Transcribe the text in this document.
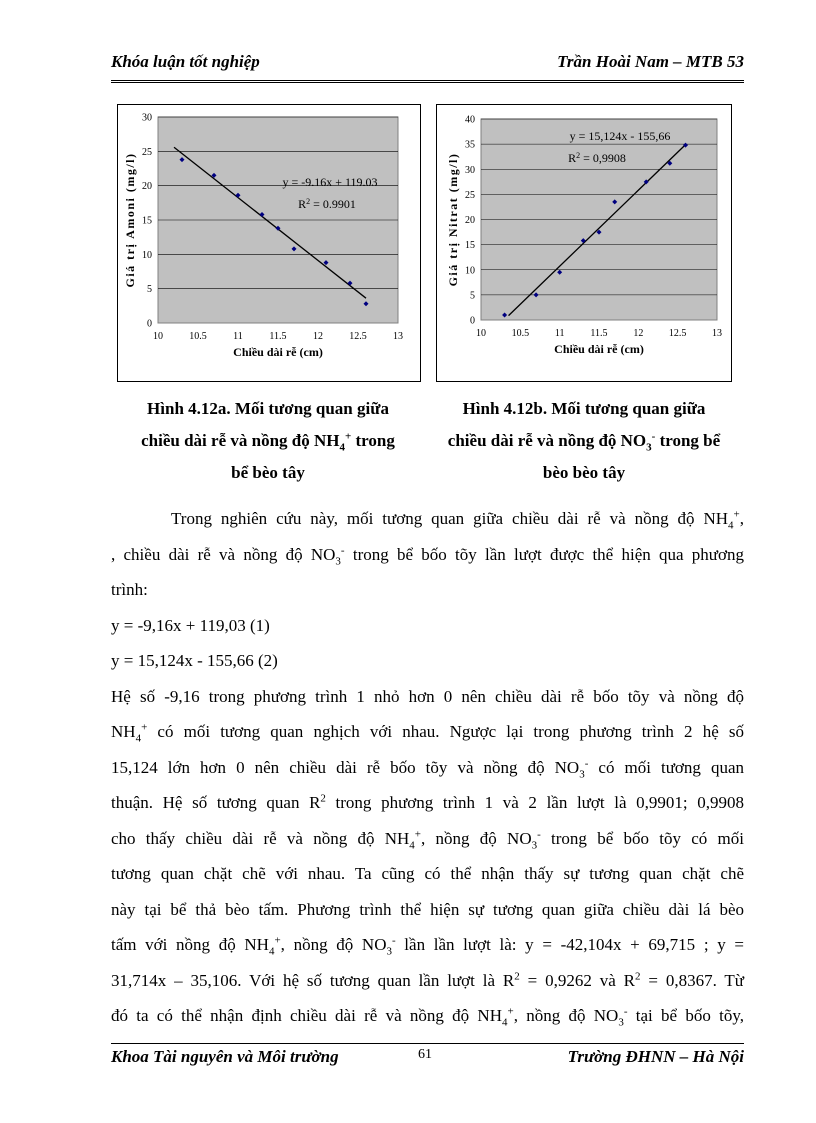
Khóa luận tốt nghiệp	Trần Hoài Nam – MTB 53
0
5
10
15
20
25
30
10	10.5	11	11.5	12	12.5	13
y = -9.16x + 119.03
$R^2 = 0.9901$
Chiều dài rễ (cm)
Giá trị Amoni (mg/l)
0
5
10
15
20
25
30
35
40
10	10.5	11	11.5	12	12.5	13
y = 15,124x - 155,66
$R^2 = 0,9908$
Chiều dài rễ (cm)
Giá trị Nitrat (mg/l)
Hình 4.12a. Mối tương quan giữa
chiều dài rễ và nồng độ $NH_4^+$ trong
bể bèo tây
Hình 4.12b. Mối tương quan giữa
chiều dài rễ và nồng độ $NO_3^-$ trong bể
bèo bèo tây
Trong nghiên cứu này, mối tương quan giữa chiều dài rễ và nồng độ $NH_4^+$,
, chiều dài rễ và nồng độ $NO_3^-$ trong bể bốo tõy lần lượt được thể hiện qua phương
trình:
y = -9,16x + 119,03 (1)
y = 15,124x - 155,66 (2)
Hệ số -9,16 trong phương trình 1 nhỏ hơn 0 nên chiều dài rễ bốo tõy và nồng độ
$NH_4^+$ có mối tương quan nghịch với nhau. Ngược lại trong phương trình 2 hệ số
15,124 lớn hơn 0 nên chiều dài rễ bốo tõy và nồng độ $NO_3^-$ có mối tương quan
thuận. Hệ số tương quan $R^2$ trong phương trình 1 và 2 lần lượt là 0,9901; 0,9908
cho thấy chiều dài rễ và nồng độ $NH_4^+$, nồng độ $NO_3^-$ trong bể bốo tõy có mối
tương quan chặt chẽ với nhau. Ta cũng có thể nhận thấy sự tương quan chặt chẽ
này tại bể thả bèo tấm. Phương trình thể hiện sự tương quan giữa chiều dài lá bèo
tấm với nồng độ $NH_4^+$, nồng độ $NO_3^-$ lần lần lượt là: y = -42,104x + 69,715 ; y =
31,714x – 35,106. Với hệ số tương quan lần lượt là $R^2 = 0,9262$ và $R^2 = 0,8367$. Từ
đó ta có thể nhận định chiều dài rễ và nồng độ $NH_4^+$, nồng độ $NO_3^-$ tại bể bốo tõy,
Khoa Tài nguyên và Môi trường	61	Trường ĐHNN – Hà Nội
